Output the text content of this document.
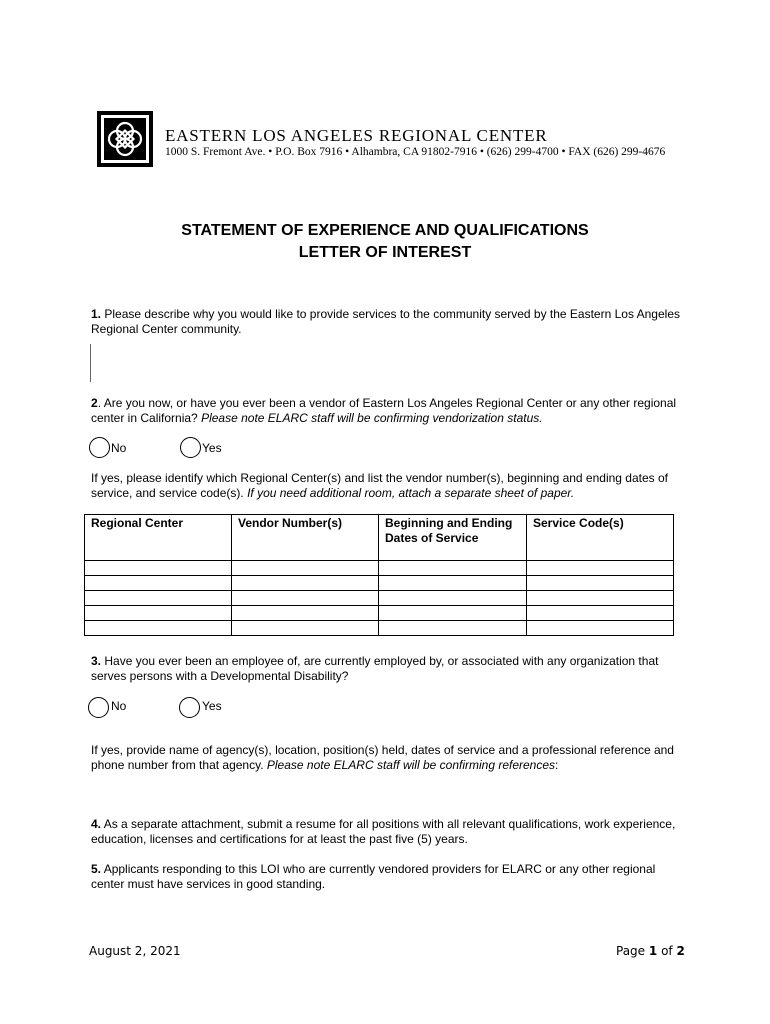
EASTERN LOS ANGELES REGIONAL CENTER
1000 S. Fremont Ave. • P.O. Box 7916 • Alhambra, CA 91802-7916 • (626) 299-4700 • FAX (626) 299-4676
STATEMENT OF EXPERIENCE AND QUALIFICATIONS
LETTER OF INTEREST
1. Please describe why you would like to provide services to the community served by the Eastern Los Angeles Regional Center community.
2. Are you now, or have you ever been a vendor of Eastern Los Angeles Regional Center or any other regional center in California? Please note ELARC staff will be confirming vendorization status.
No	Yes
If yes, please identify which Regional Center(s) and list the vendor number(s), beginning and ending dates of service, and service code(s). If you need additional room, attach a separate sheet of paper.
Regional Center	Vendor Number(s)	Beginning and Ending Dates of Service	Service Code(s)

3. Have you ever been an employee of, are currently employed by, or associated with any organization that serves persons with a Developmental Disability?
No	Yes
If yes, provide name of agency(s), location, position(s) held, dates of service and a professional reference and phone number from that agency. Please note ELARC staff will be confirming references:
4. As a separate attachment, submit a resume for all positions with all relevant qualifications, work experience, education, licenses and certifications for at least the past five (5) years.
5. Applicants responding to this LOI who are currently vendored providers for ELARC or any other regional center must have services in good standing.
August 2, 2021	Page 1 of 2
